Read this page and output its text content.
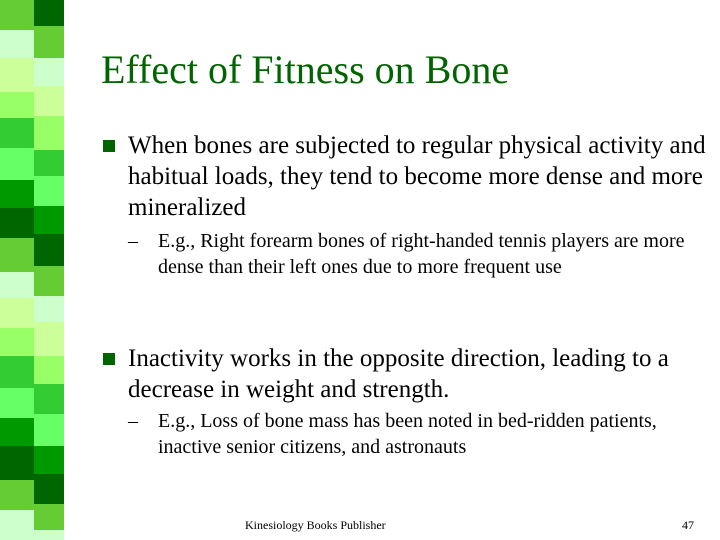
Effect of Fitness on Bone
When bones are subjected to regular physical activity and habitual loads, they tend to become more dense and more mineralized
– E.g., Right forearm bones of right-handed tennis players are more dense than their left ones due to more frequent use
Inactivity works in the opposite direction, leading to a decrease in weight and strength.
– E.g., Loss of bone mass has been noted in bed-ridden patients, inactive senior citizens, and astronauts
Kinesiology Books Publisher	47
